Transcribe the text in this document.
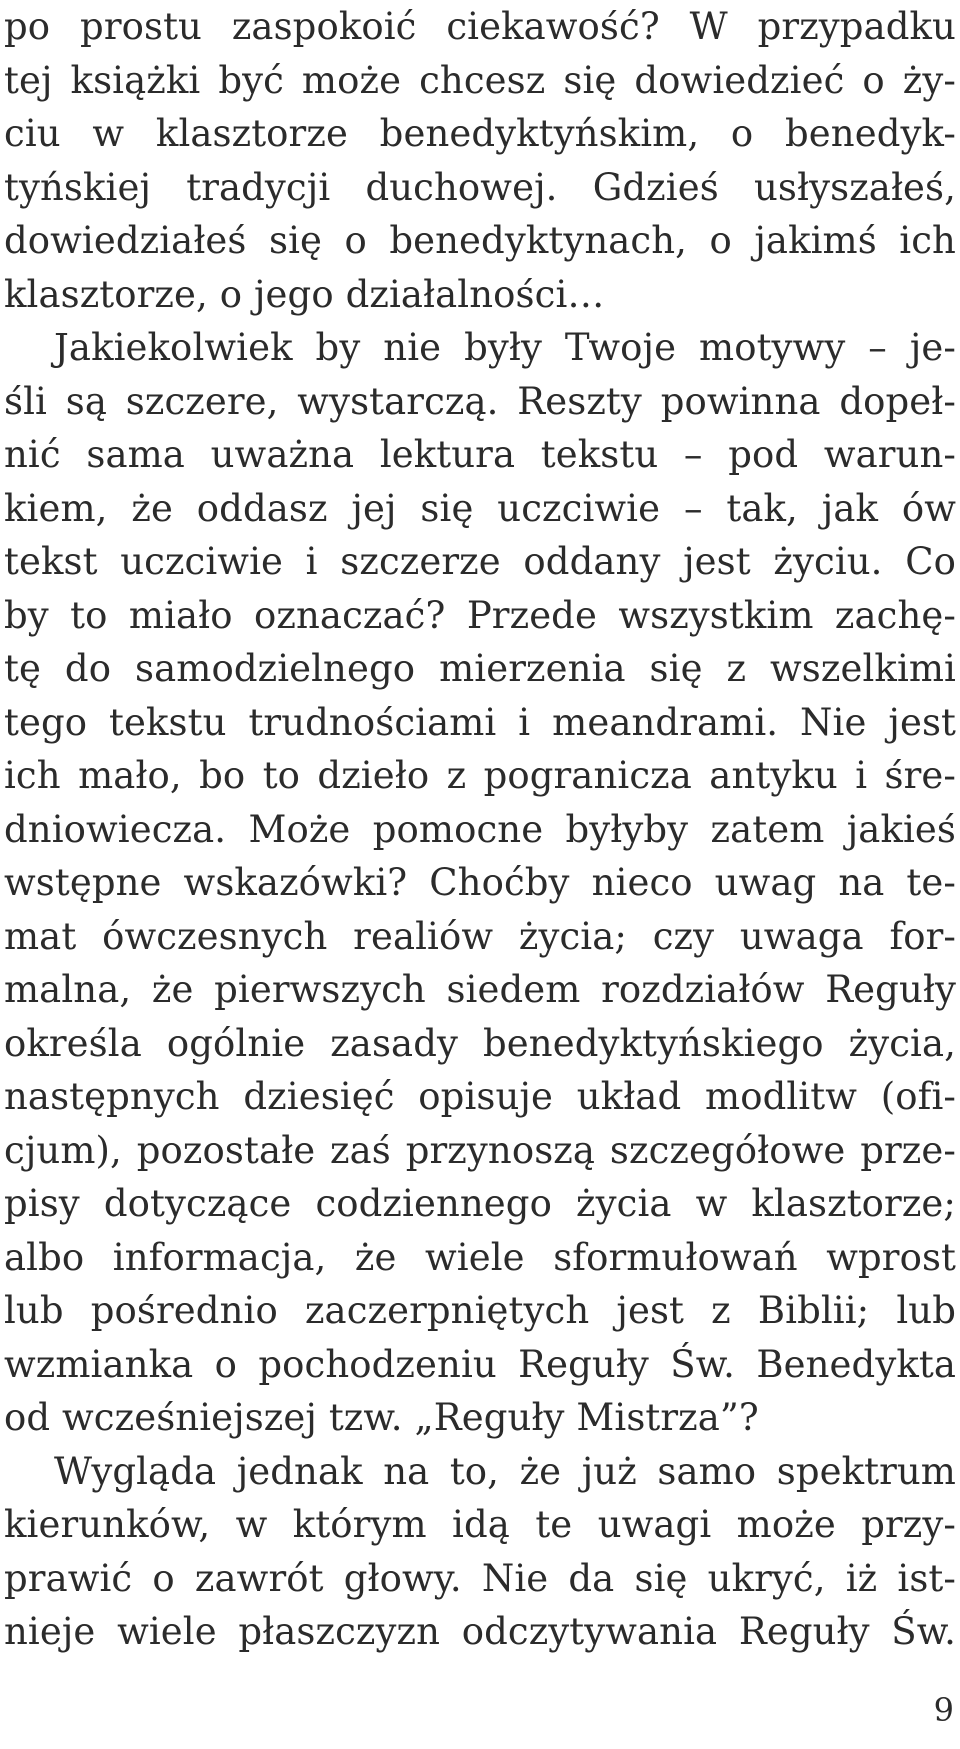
po prostu zaspokoić ciekawość? W przypadku
tej książki być może chcesz się dowiedzieć o ży-
ciu w klasztorze benedyktyńskim, o benedyk-
tyńskiej tradycji duchowej. Gdzieś usłyszałeś,
dowiedziałeś się o benedyktynach, o jakimś ich
klasztorze, o jego działalności…
Jakiekolwiek by nie były Twoje motywy – je-
śli są szczere, wystarczą. Reszty powinna dopeł-
nić sama uważna lektura tekstu – pod warun-
kiem, że oddasz jej się uczciwie – tak, jak ów
tekst uczciwie i szczerze oddany jest życiu. Co
by to miało oznaczać? Przede wszystkim zachę-
tę do samodzielnego mierzenia się z wszelkimi
tego tekstu trudnościami i meandrami. Nie jest
ich mało, bo to dzieło z pogranicza antyku i śre-
dniowiecza. Może pomocne byłyby zatem jakieś
wstępne wskazówki? Choćby nieco uwag na te-
mat ówczesnych realiów życia; czy uwaga for-
malna, że pierwszych siedem rozdziałów Reguły
określa ogólnie zasady benedyktyńskiego życia,
następnych dziesięć opisuje układ modlitw (ofi-
cjum), pozostałe zaś przynoszą szczegółowe prze-
pisy dotyczące codziennego życia w klasztorze;
albo informacja, że wiele sformułowań wprost
lub pośrednio zaczerpniętych jest z Biblii; lub
wzmianka o pochodzeniu Reguły Św. Benedykta
od wcześniejszej tzw. „Reguły Mistrza”?
Wygląda jednak na to, że już samo spektrum
kierunków, w którym idą te uwagi może przy-
prawić o zawrót głowy. Nie da się ukryć, iż ist-
nieje wiele płaszczyzn odczytywania Reguły Św.
9
